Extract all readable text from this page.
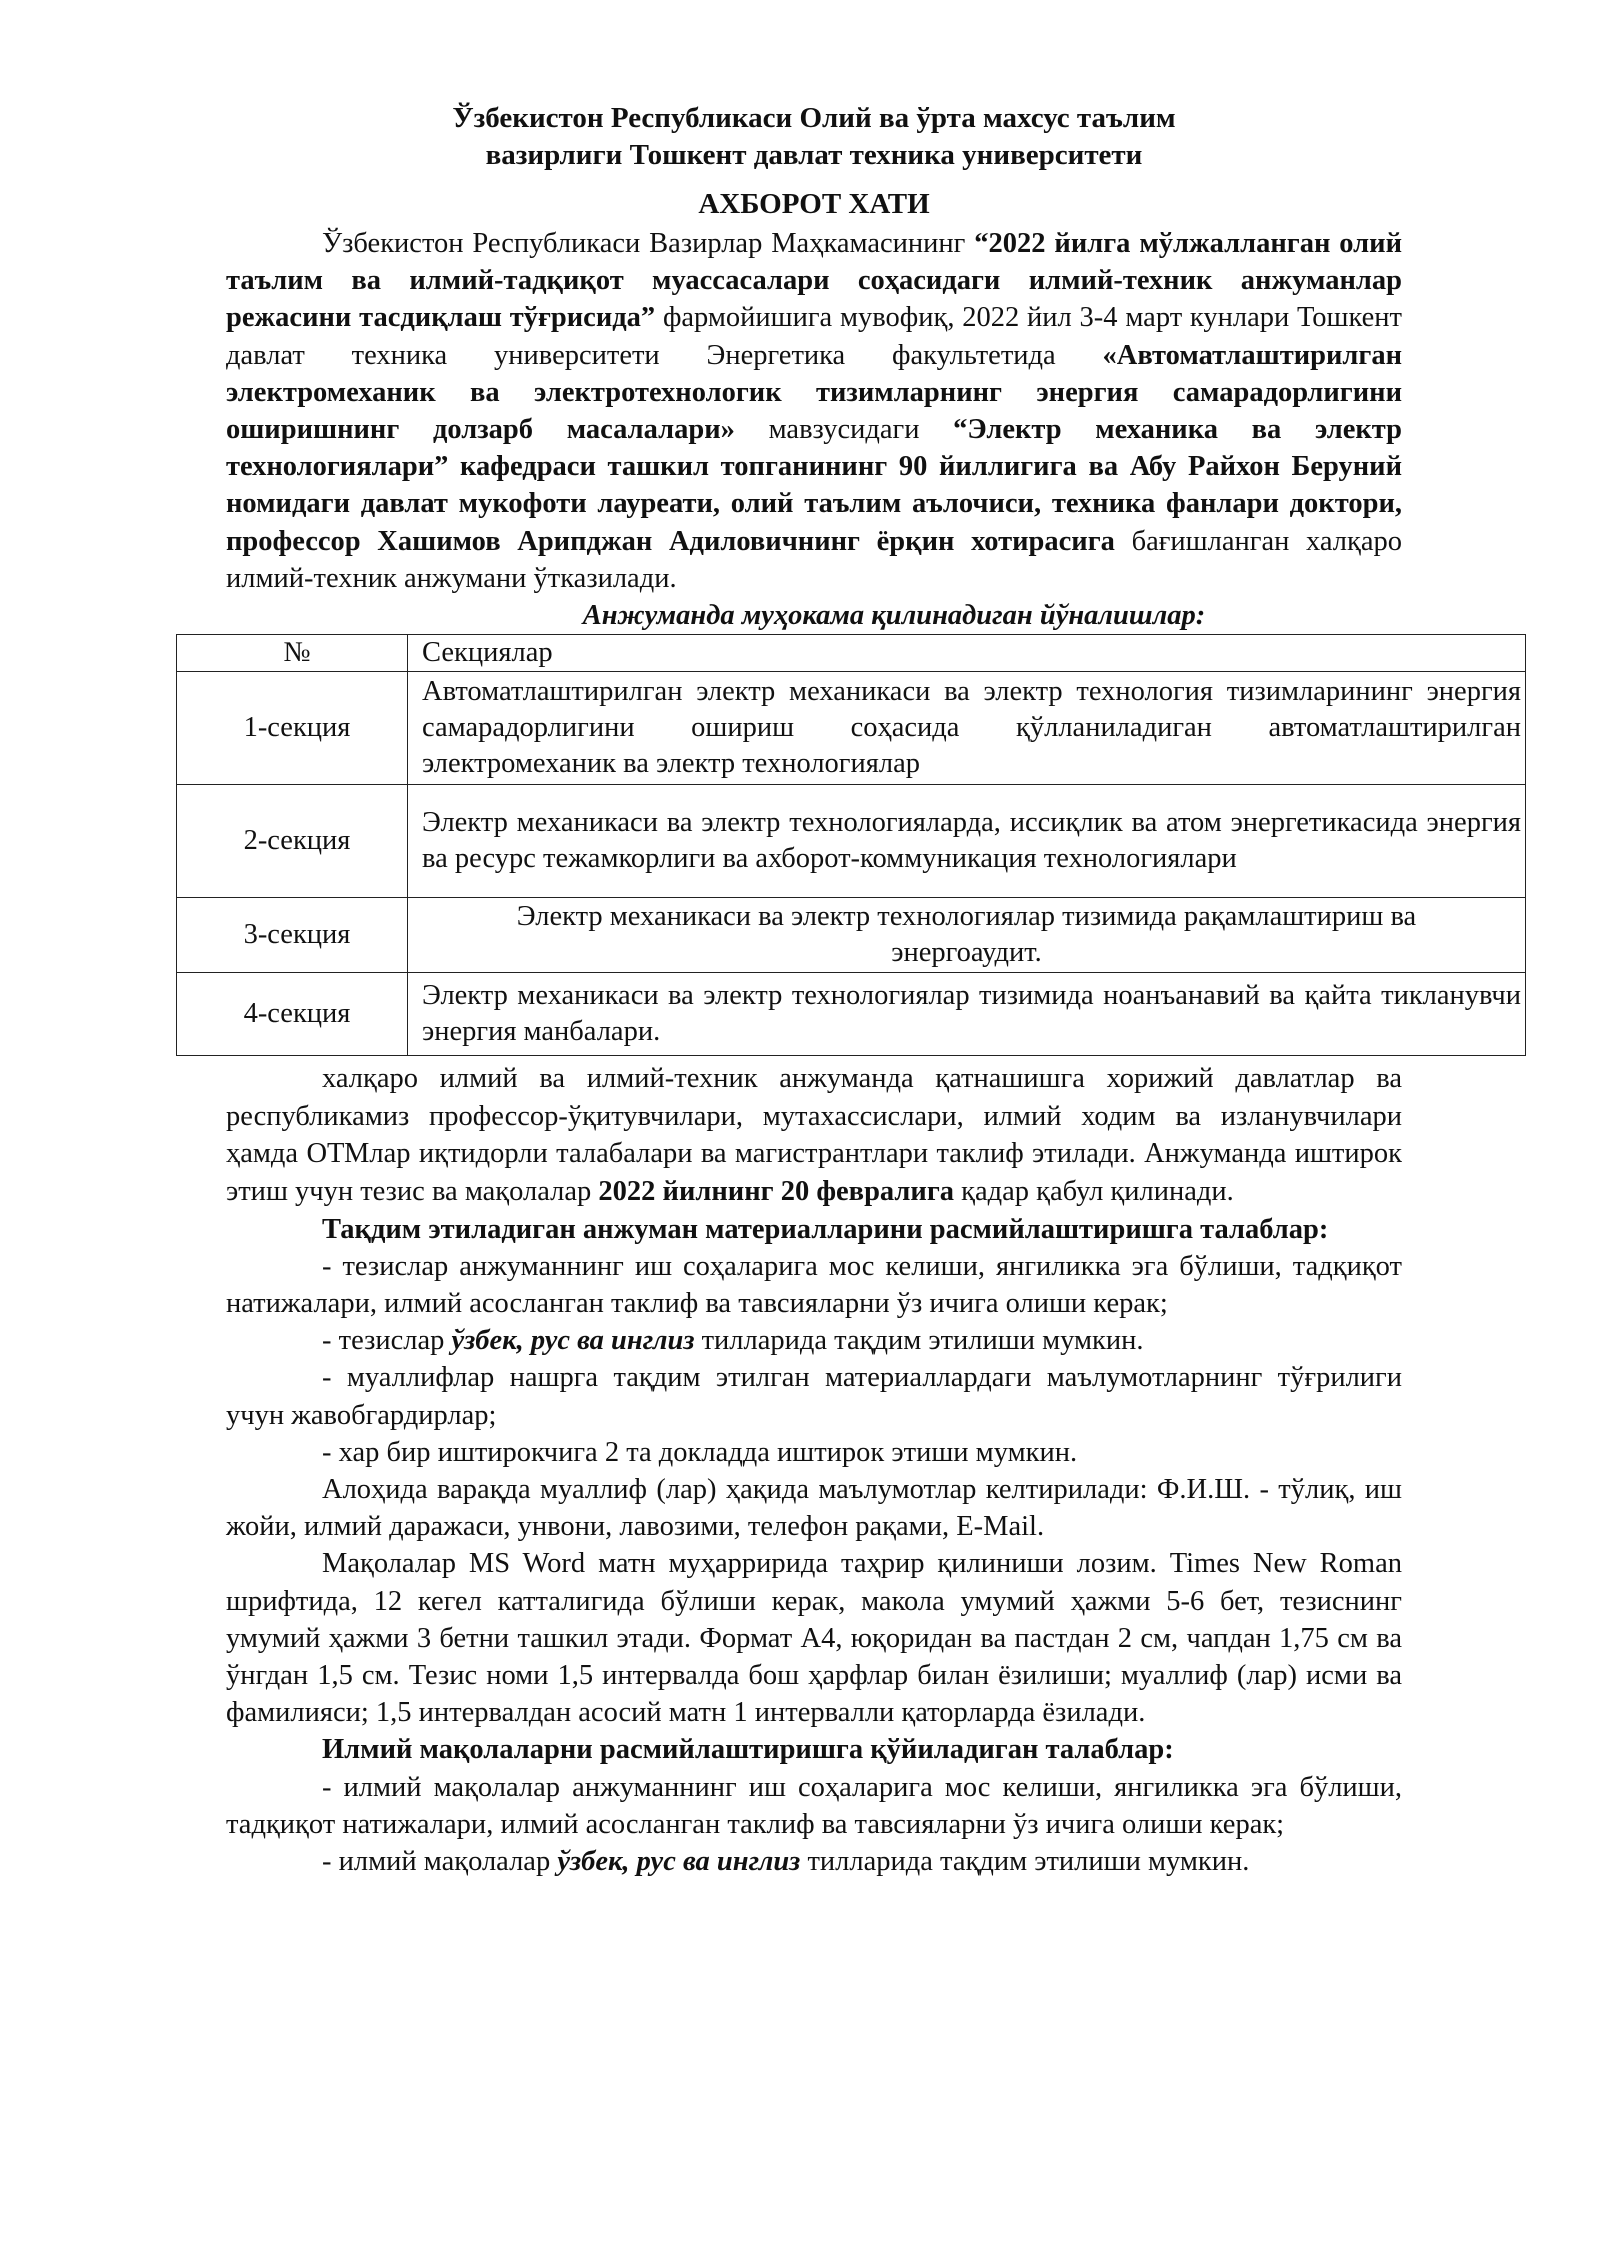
Ўзбекистон Республикаси Олий ва ўрта махсус таълим
вазирлиги Тошкент давлат техника университети
АХБОРОТ ХАТИ

Ўзбекистон Республикаси Вазирлар Маҳкамасининг “2022 йилга мўлжалланган олий таълим ва илмий-тадқиқот муассасалари соҳасидаги илмий-техник анжуманлар режасини тасдиқлаш тўғрисида” фармойишига мувофиқ, 2022 йил 3-4 март кунлари Тошкент давлат техника университети Энергетика факультетида «Автоматлаштирилган электромеханик ва электротехнологик тизимларнинг энергия самарадорлигини оширишнинг долзарб масалалари» мавзусидаги “Электр механика ва электр технологиялари” кафедраси ташкил топганининг 90 йиллигига ва Абу Райхон Беруний номидаги давлат мукофоти лауреати, олий таълим аълочиси, техника фанлари доктори, профессор Хашимов Арипджан Адиловичнинг ёрқин хотирасига бағишланган халқаро илмий-техник анжумани ўтказилади.

Анжуманда муҳокама қилинадиган йўналишлар:
№	Секциялар
1-секция	Автоматлаштирилган электр механикаси ва электр технология тизимларининг энергия самарадорлигини ошириш соҳасида қўлланиладиган автоматлаштирилган электромеханик ва электр технологиялар
2-секция	Электр механикаси ва электр технологияларда, иссиқлик ва атом энергетикасида энергия ва ресурс тежамкорлиги ва ахборот-коммуникация технологиялари
3-секция	Электр механикаси ва электр технологиялар тизимида рақамлаштириш ва энергоаудит.
4-секция	Электр механикаси ва электр технологиялар тизимида ноанъанавий ва қайта тикланувчи энергия манбалари.

халқаро илмий ва илмий-техник анжуманда қатнашишга хорижий давлатлар ва республикамиз профессор-ўқитувчилари, мутахассислари, илмий ходим ва изланувчилари ҳамда ОТМлар иқтидорли талабалари ва магистрантлари таклиф этилади. Анжуманда иштирок этиш учун тезис ва мақолалар 2022 йилнинг 20 февралига қадар қабул қилинади.

Тақдим этиладиган анжуман материалларини расмийлаштиришга талаблар:

- тезислар анжуманнинг иш соҳаларига мос келиши, янгиликка эга бўлиши, тадқиқот натижалари, илмий асосланган таклиф ва тавсияларни ўз ичига олиши керак;

- тезислар ўзбек, рус ва инглиз тилларида тақдим этилиши мумкин.

- муаллифлар нашрга тақдим этилган материаллардаги маълумотларнинг тўғрилиги учун жавобгардирлар;

- хар бир иштирокчига 2 та докладда иштирок этиши мумкин.

Алоҳида варақда муаллиф (лар) ҳақида маълумотлар келтирилади: Ф.И.Ш. - тўлиқ, иш жойи, илмий даражаси, унвони, лавозими, телефон рақами, E-Mail.

Мақолалар MS Word матн муҳарририда таҳрир қилиниши лозим. Times New Roman шрифтида, 12 кегел катталигида бўлиши керак, макола умумий ҳажми 5-6 бет, тезиснинг умумий ҳажми 3 бетни ташкил этади. Формат А4, юқоридан ва пастдан 2 см, чапдан 1,75 см ва ўнгдан 1,5 см. Тезис номи 1,5 интервалда бош ҳарфлар билан ёзилиши; муаллиф (лар) исми ва фамилияси; 1,5 интервалдан асосий матн 1 интервалли қаторларда ёзилади.

Илмий мақолаларни расмийлаштиришга қўйиладиган талаблар:

- илмий мақолалар анжуманнинг иш соҳаларига мос келиши, янгиликка эга бўлиши, тадқиқот натижалари, илмий асосланган таклиф ва тавсияларни ўз ичига олиши керак;

- илмий мақолалар ўзбек, рус ва инглиз тилларида тақдим этилиши мумкин.
